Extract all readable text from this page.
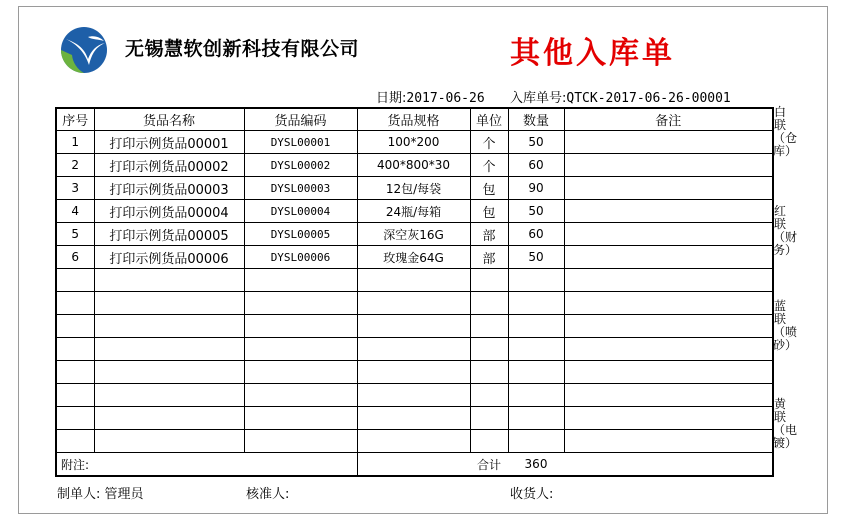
无锡慧软创新科技有限公司	其他入库单
日期:2017-06-26 入库单号:QTCK-2017-06-26-00001
序号	货品名称	货品编码	货品规格	单位	数量	备注
1	打印示例货品00001	DYSL00001	100*200	个	50	
2	打印示例货品00002	DYSL00002	400*800*30	个	60	
3	打印示例货品00003	DYSL00003	12包/每袋	包	90	
4	打印示例货品00004	DYSL00004	24瓶/每箱	包	50	
5	打印示例货品00005	DYSL00005	深空灰16G	部	60	
6	打印示例货品00006	DYSL00006	玫瑰金64G	部	50	

附注:				合计	360	
白联（仓库）
红联（财务）
蓝联（喷砂）
黄联（电镀）
制单人: 管理员	核准人:	收货人:
